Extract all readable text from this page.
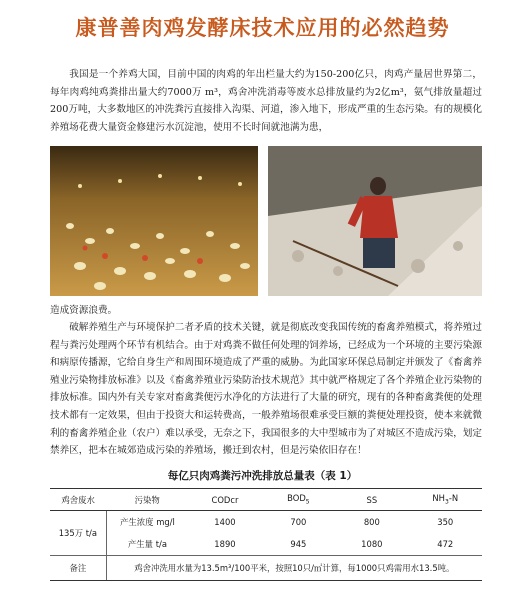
康普善肉鸡发酵床技术应用的必然趋势

我国是一个养鸡大国，目前中国的肉鸡的年出栏量大约为150-200亿只，肉鸡产量居世界第二，每年肉鸡纯鸡粪排出量大约7000万 m³，鸡舍冲洗消毒等废水总排放量约为2亿m³，氨气排放量超过200万吨，大多数地区的冲洗粪污直接排入沟渠、河道，渗入地下，形成严重的生态污染。有的规模化养殖场花费大量资金修建污水沉淀池，使用不长时间就池满为患，

造成资源浪费。

破解养殖生产与环境保护二者矛盾的技术关键，就是彻底改变我国传统的畜禽养殖模式，将养殖过程与粪污处理两个环节有机结合。由于对鸡粪不做任何处理的饲养场，已经成为一个环境的主要污染源和病原传播源，它给自身生产和周围环境造成了严重的威胁。为此国家环保总局制定并颁发了《畜禽养殖业污染物排放标准》以及《畜禽养殖业污染防治技术规范》其中就严格规定了各个养殖企业污染物的排放标准。国内外有关专家对畜禽粪便污水净化的方法进行了大量的研究，现有的各种畜禽粪便的处理技术都有一定效果，但由于投资大和运转费高，一般养殖场很难承受巨额的粪便处理投资，使本来就微利的畜禽养殖企业（农户）难以承受，无奈之下，我国很多的大中型城市为了对城区不造成污染，划定禁养区，把本在城郊造成污染的养殖场，搬迁到农村，但是污染依旧存在！

每亿只肉鸡粪污冲洗排放总量表（表 1）
鸡舍废水	污染物	CODcr	$BOD_5$	SS	$NH_3-N$
135万 t/a	产生浓度 mg/l	1400	700	800	350
	产生量 t/a	1890	945	1080	472
备注	鸡舍冲洗用水量为13.5m³/100平米，按照10只/㎡计算，每1000只鸡需用水13.5吨。				
